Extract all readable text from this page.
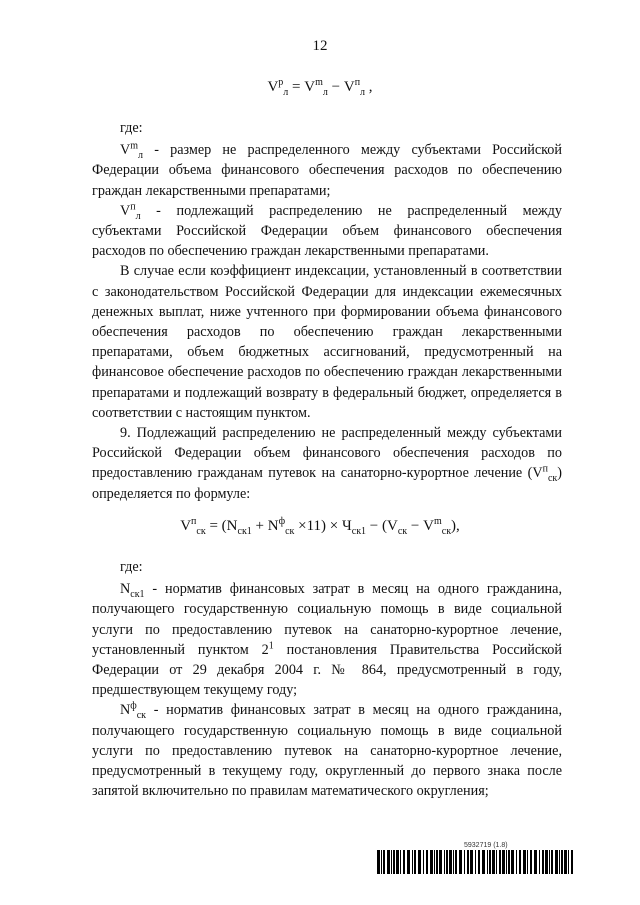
12
$V^р_л = V^m_л - V^п_л$ ,

где:

$V^m_л$ - размер не распределенного между субъектами Российской Федерации объема финансового обеспечения расходов по обеспечению граждан лекарственными препаратами;

$V^п_л$ - подлежащий распределению не распределенный между субъектами Российской Федерации объем финансового обеспечения расходов по обеспечению граждан лекарственными препаратами.

В случае если коэффициент индексации, установленный в соответствии с законодательством Российской Федерации для индексации ежемесячных денежных выплат, ниже учтенного при формировании объема финансового обеспечения расходов по обеспечению граждан лекарственными препаратами, объем бюджетных ассигнований, предусмотренный на финансовое обеспечение расходов по обеспечению граждан лекарственными препаратами и подлежащий возврату в федеральный бюджет, определяется в соответствии с настоящим пунктом.

9. Подлежащий распределению не распределенный между субъектами Российской Федерации объем финансового обеспечения расходов по предоставлению гражданам путевок на санаторно-курортное лечение $(V^п_{ск})$ определяется по формуле:

$V^п_{ск} = (N_{ск1} + N^ф_{ск} \times 11) \times Ч_{ск1} - (V_{ск} - V^m_{ск})$,

где:

$N_{ск1}$ - норматив финансовых затрат в месяц на одного гражданина, получающего государственную социальную помощь в виде социальной услуги по предоставлению путевок на санаторно-курортное лечение, установленный пунктом $2^1$ постановления Правительства Российской Федерации от 29 декабря 2004 г. № 864, предусмотренный в году, предшествующем текущему году;

$N^ф_{ск}$ - норматив финансовых затрат в месяц на одного гражданина, получающего государственную социальную помощь в виде социальной услуги по предоставлению путевок на санаторно-курортное лечение, предусмотренный в текущему году, округленный до первого знака после запятой включительно по правилам математического округления;

5932719 (1.8)
